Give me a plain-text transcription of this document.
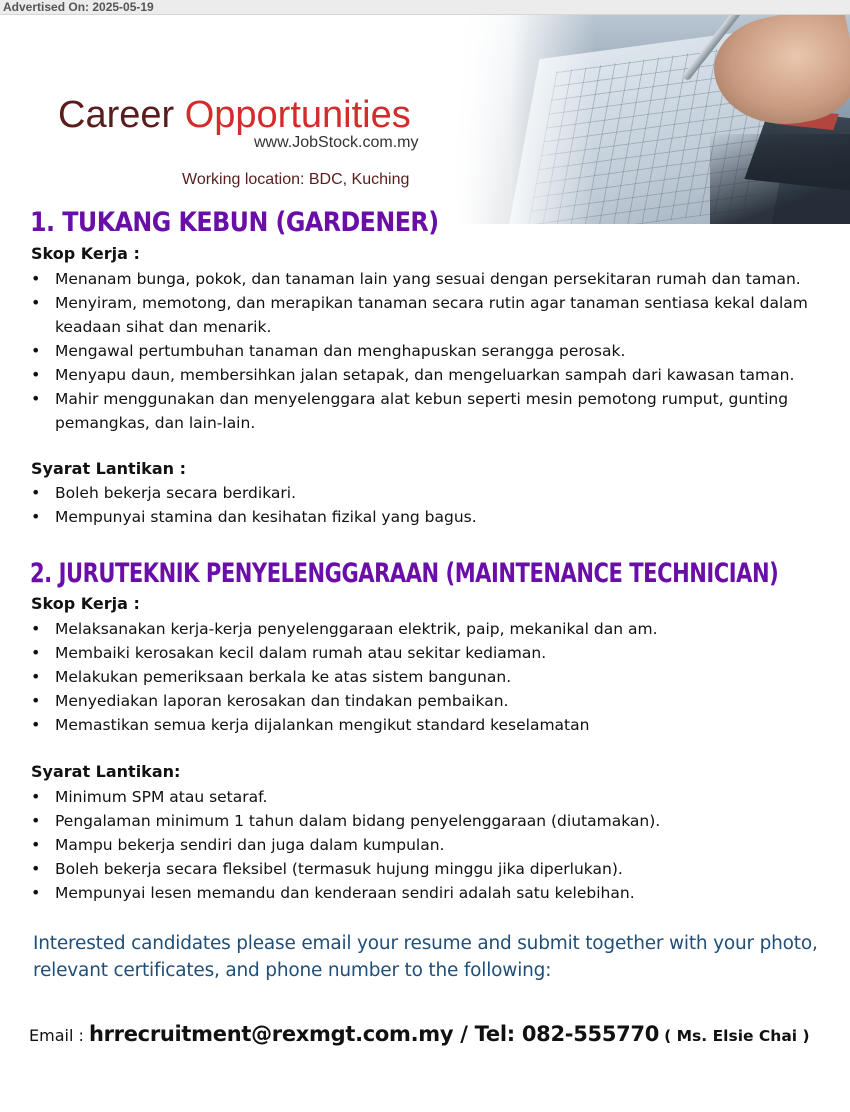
Advertised On: 2025-05-19
Career Opportunities
www.JobStock.com.my
Working location: BDC, Kuching
1. TUKANG KEBUN (GARDENER)
Skop Kerja :
• Menanam bunga, pokok, dan tanaman lain yang sesuai dengan persekitaran rumah dan taman.
• Menyiram, memotong, dan merapikan tanaman secara rutin agar tanaman sentiasa kekal dalam keadaan sihat dan menarik.
• Mengawal pertumbuhan tanaman dan menghapuskan serangga perosak.
• Menyapu daun, membersihkan jalan setapak, dan mengeluarkan sampah dari kawasan taman.
• Mahir menggunakan dan menyelenggara alat kebun seperti mesin pemotong rumput, gunting pemangkas, dan lain-lain.
Syarat Lantikan :
• Boleh bekerja secara berdikari.
• Mempunyai stamina dan kesihatan fizikal yang bagus.
2. JURUTEKNIK PENYELENGGARAAN (MAINTENANCE TECHNICIAN)
Skop Kerja :
• Melaksanakan kerja-kerja penyelenggaraan elektrik, paip, mekanikal dan am.
• Membaiki kerosakan kecil dalam rumah atau sekitar kediaman.
• Melakukan pemeriksaan berkala ke atas sistem bangunan.
• Menyediakan laporan kerosakan dan tindakan pembaikan.
• Memastikan semua kerja dijalankan mengikut standard keselamatan
Syarat Lantikan:
• Minimum SPM atau setaraf.
• Pengalaman minimum 1 tahun dalam bidang penyelenggaraan (diutamakan).
• Mampu bekerja sendiri dan juga dalam kumpulan.
• Boleh bekerja secara fleksibel (termasuk hujung minggu jika diperlukan).
• Mempunyai lesen memandu dan kenderaan sendiri adalah satu kelebihan.
Interested candidates please email your resume and submit together with your photo, relevant certificates, and phone number to the following:
Email : hrrecruitment@rexmgt.com.my / Tel: 082-555770 ( Ms. Elsie Chai )
